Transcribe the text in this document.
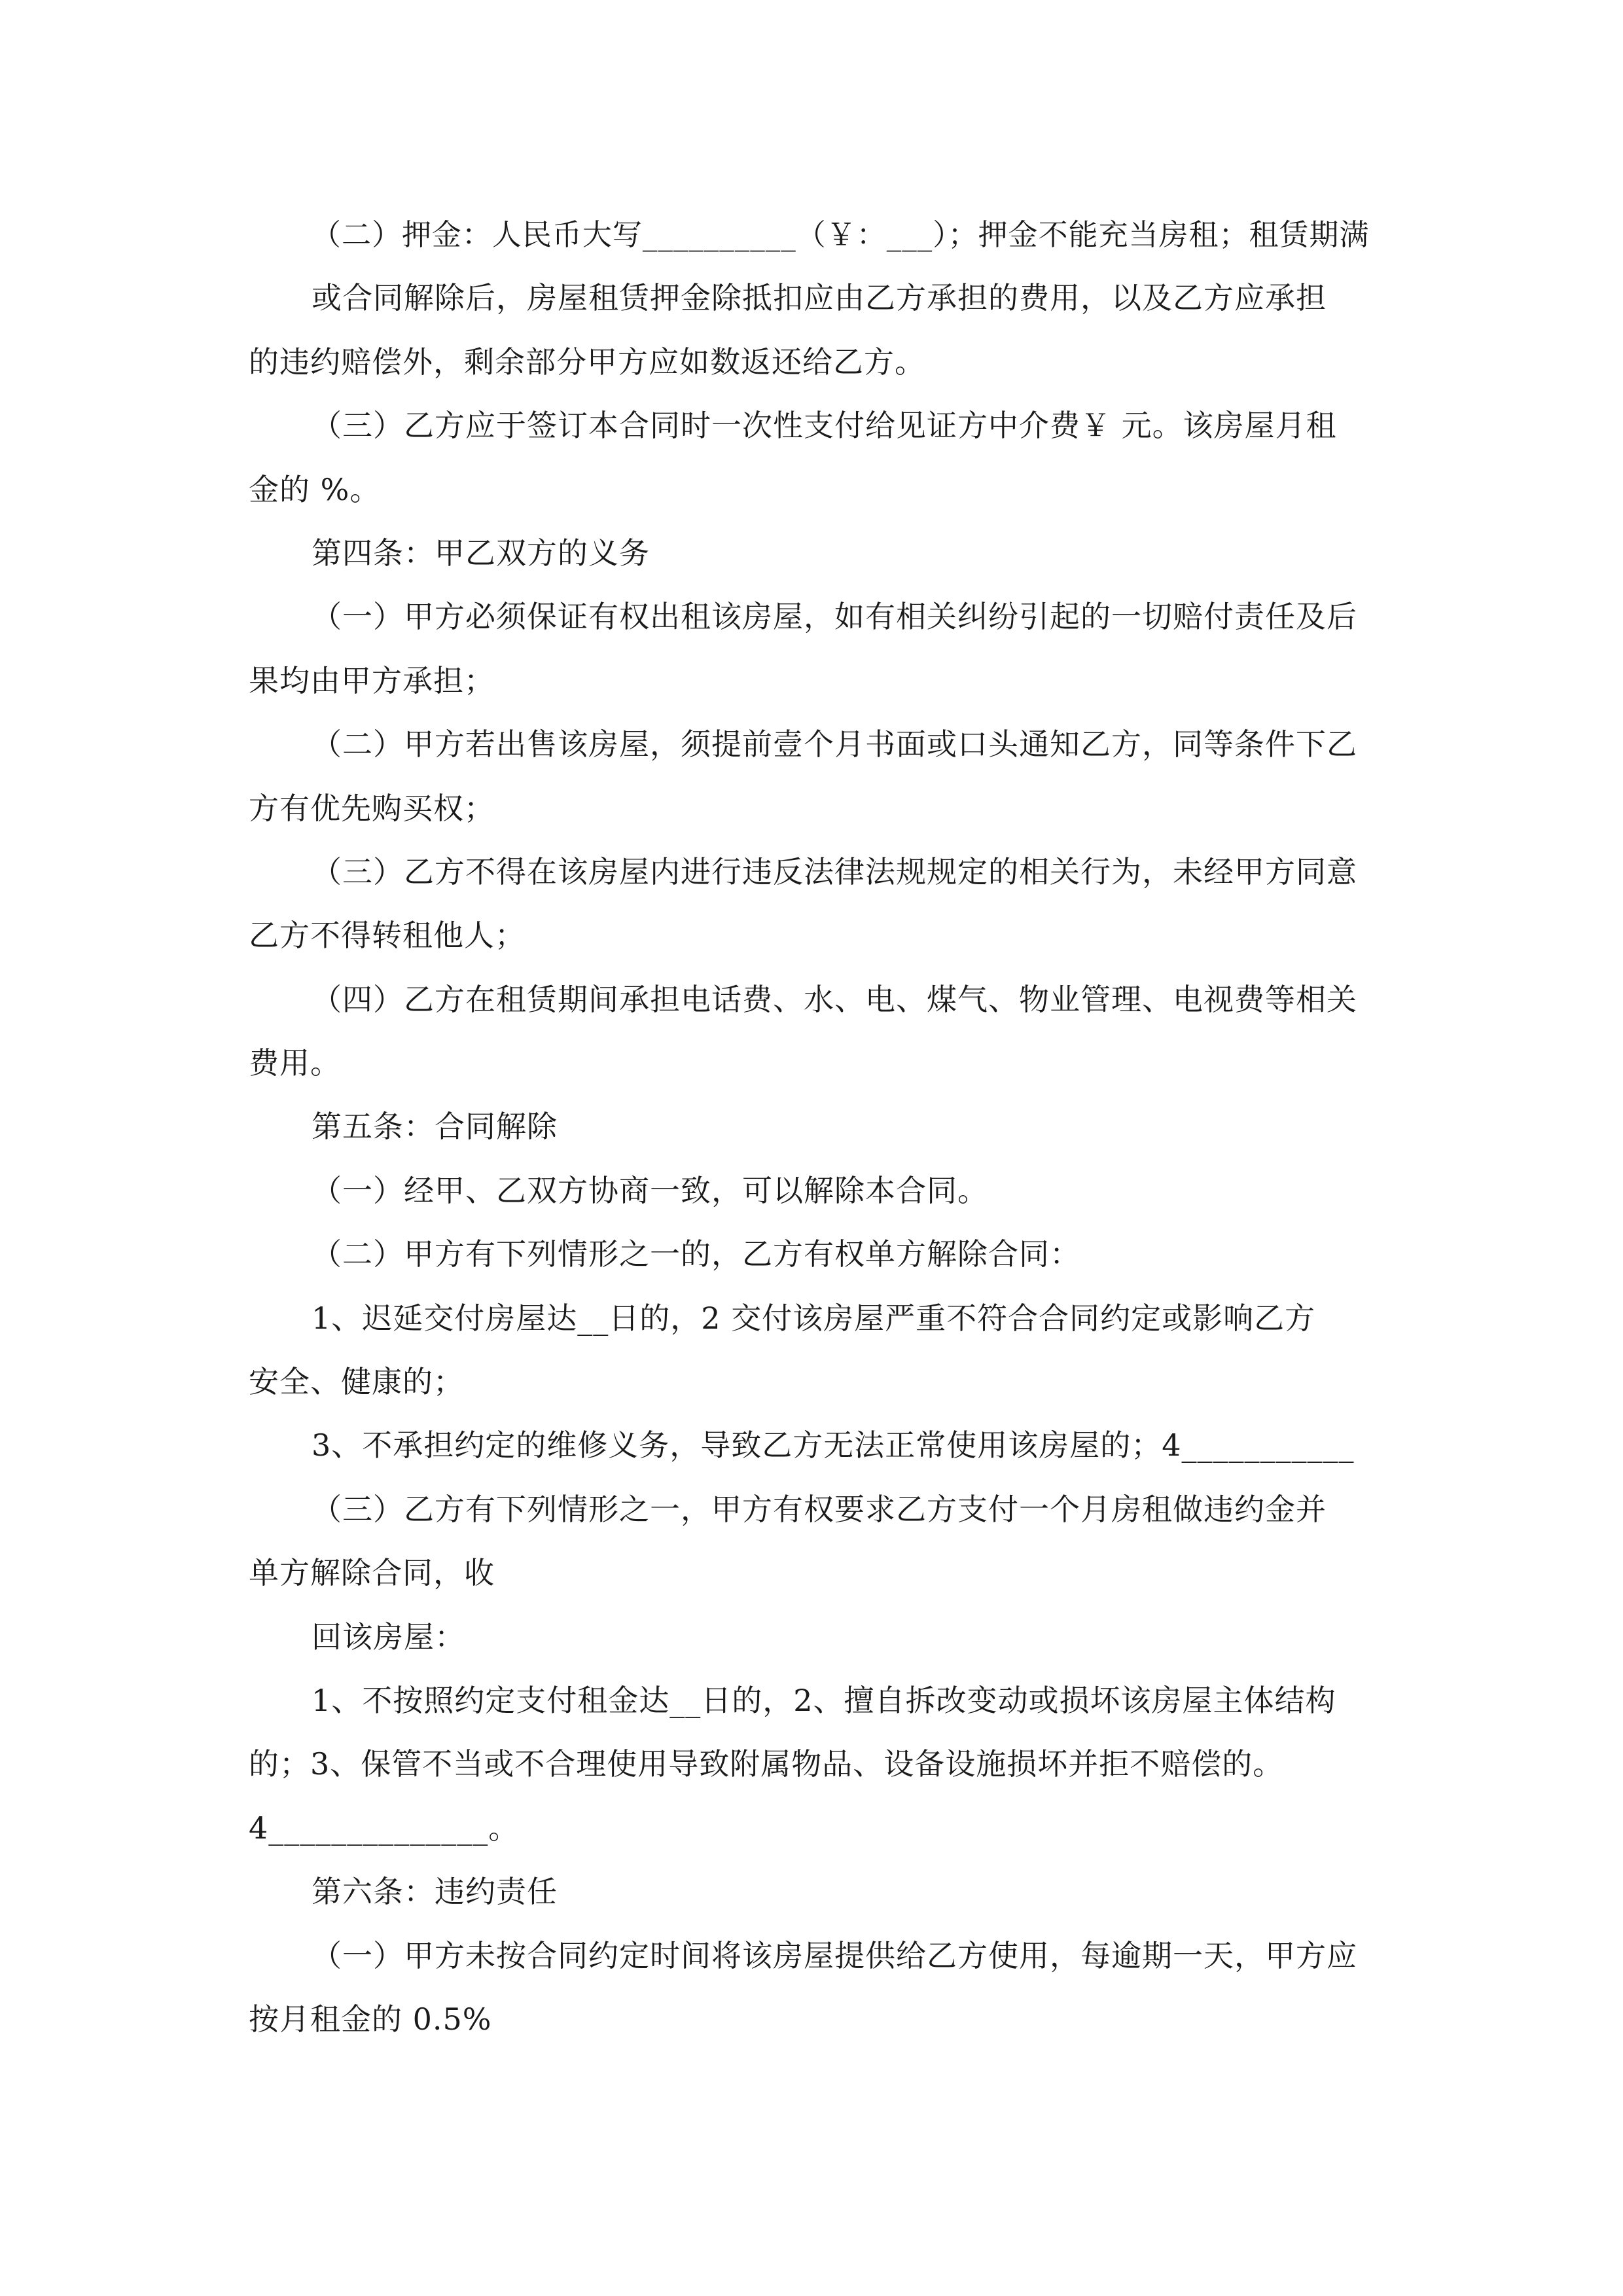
（二）押金：人民币大写__________（￥：___）；押金不能充当房租；租赁期满
或合同解除后，房屋租赁押金除抵扣应由乙方承担的费用，以及乙方应承担
的违约赔偿外，剩余部分甲方应如数返还给乙方。
（三）乙方应于签订本合同时一次性支付给见证方中介费￥ 元。该房屋月租
金的 %。
第四条：甲乙双方的义务
（一）甲方必须保证有权出租该房屋，如有相关纠纷引起的一切赔付责任及后
果均由甲方承担；
（二）甲方若出售该房屋，须提前壹个月书面或口头通知乙方，同等条件下乙
方有优先购买权；
（三）乙方不得在该房屋内进行违反法律法规规定的相关行为，未经甲方同意
乙方不得转租他人；
（四）乙方在租赁期间承担电话费、水、电、煤气、物业管理、电视费等相关
费用。
第五条：合同解除
（一）经甲、乙双方协商一致，可以解除本合同。
（二）甲方有下列情形之一的，乙方有权单方解除合同：
1、迟延交付房屋达__日的，2 交付该房屋严重不符合合同约定或影响乙方
安全、健康的；
3、不承担约定的维修义务，导致乙方无法正常使用该房屋的；4___________
（三）乙方有下列情形之一，甲方有权要求乙方支付一个月房租做违约金并
单方解除合同，收
回该房屋：
1、不按照约定支付租金达__日的，2、擅自拆改变动或损坏该房屋主体结构
的；3、保管不当或不合理使用导致附属物品、设备设施损坏并拒不赔偿的。
4______________。
第六条：违约责任
（一）甲方未按合同约定时间将该房屋提供给乙方使用，每逾期一天，甲方应
按月租金的 0.5%
